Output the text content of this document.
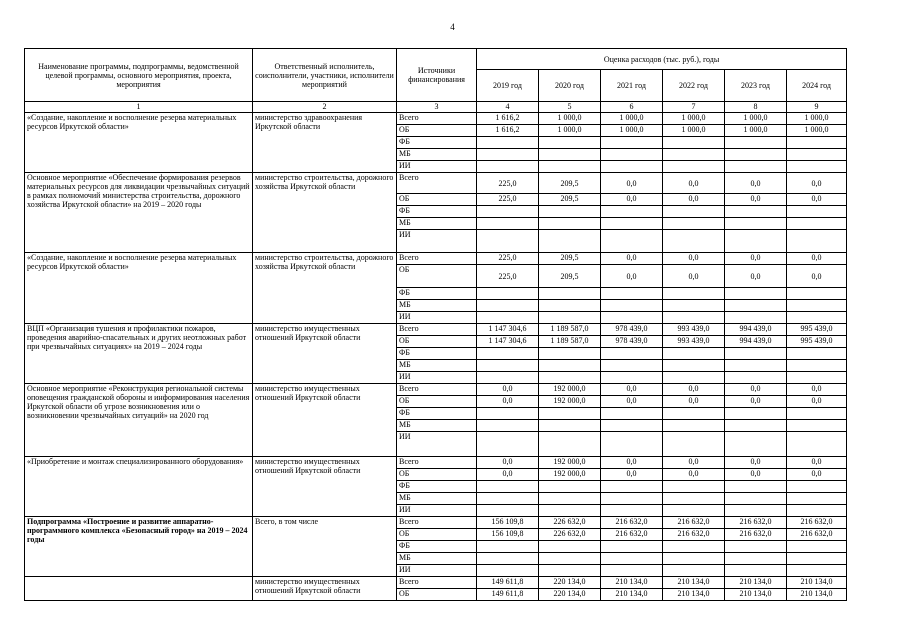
4
Наименование программы, подпрограммы, ведомственной целевой программы, основного мероприятия, проекта, мероприятия	Ответственный исполнитель, соисполнители, участники, исполнители мероприятий	Источники финансирования	Оценка расходов (тыс. руб.), годы					
			2019 год	2020 год	2021 год	2022 год	2023 год	2024 год
1	2	3	4	5	6	7	8	9
«Создание, накопление и восполнение резерва материальных ресурсов Иркутской области»	министерство здравоохранения Иркутской области	Всего	1 616,2	1 000,0	1 000,0	1 000,0	1 000,0	1 000,0
		ОБ	1 616,2	1 000,0	1 000,0	1 000,0	1 000,0	1 000,0
		ФБ						
		МБ						
		ИИ						
Основное мероприятие «Обеспечение формирования резервов материальных ресурсов для ликвидации чрезвычайных ситуаций в рамках полномочий министерства строительства, дорожного хозяйства Иркутской области» на 2019 – 2020 годы	министерство строительства, дорожного хозяйства Иркутской области	Всего	225,0	209,5	0,0	0,0	0,0	0,0
		ОБ	225,0	209,5	0,0	0,0	0,0	0,0
		ФБ						
		МБ						
		ИИ						
«Создание, накопление и восполнение резерва материальных ресурсов Иркутской области»	министерство строительства, дорожного хозяйства Иркутской области	Всего	225,0	209,5	0,0	0,0	0,0	0,0
		ОБ	225,0	209,5	0,0	0,0	0,0	0,0
		ФБ						
		МБ						
		ИИ						
ВЦП «Организация тушения и профилактики пожаров, проведения аварийно-спасательных и других неотложных работ при чрезвычайных ситуациях» на 2019 – 2024 годы	министерство имущественных отношений Иркутской области	Всего	1 147 304,6	1 189 587,0	978 439,0	993 439,0	994 439,0	995 439,0
		ОБ	1 147 304,6	1 189 587,0	978 439,0	993 439,0	994 439,0	995 439,0
		ФБ						
		МБ						
		ИИ						
Основное мероприятие «Реконструкция региональной системы оповещения гражданской обороны и информирования населения Иркутской области об угрозе возникновения или о возникновении чрезвычайных ситуаций» на 2020 год	министерство имущественных отношений Иркутской области	Всего	0,0	192 000,0	0,0	0,0	0,0	0,0
		ОБ	0,0	192 000,0	0,0	0,0	0,0	0,0
		ФБ						
		МБ						
		ИИ						
«Приобретение и монтаж специализированного оборудования»	министерство имущественных отношений Иркутской области	Всего	0,0	192 000,0	0,0	0,0	0,0	0,0
		ОБ	0,0	192 000,0	0,0	0,0	0,0	0,0
		ФБ						
		МБ						
		ИИ						
Подпрограмма «Построение и развитие аппаратно-программного комплекса «Безопасный город» на 2019 – 2024 годы	Всего, в том числе	Всего	156 109,8	226 632,0	216 632,0	216 632,0	216 632,0	216 632,0
		ОБ	156 109,8	226 632,0	216 632,0	216 632,0	216 632,0	216 632,0
		ФБ						
		МБ						
		ИИ						
	министерство имущественных отношений Иркутской области	Всего	149 611,8	220 134,0	210 134,0	210 134,0	210 134,0	210 134,0
		ОБ	149 611,8	220 134,0	210 134,0	210 134,0	210 134,0	210 134,0
